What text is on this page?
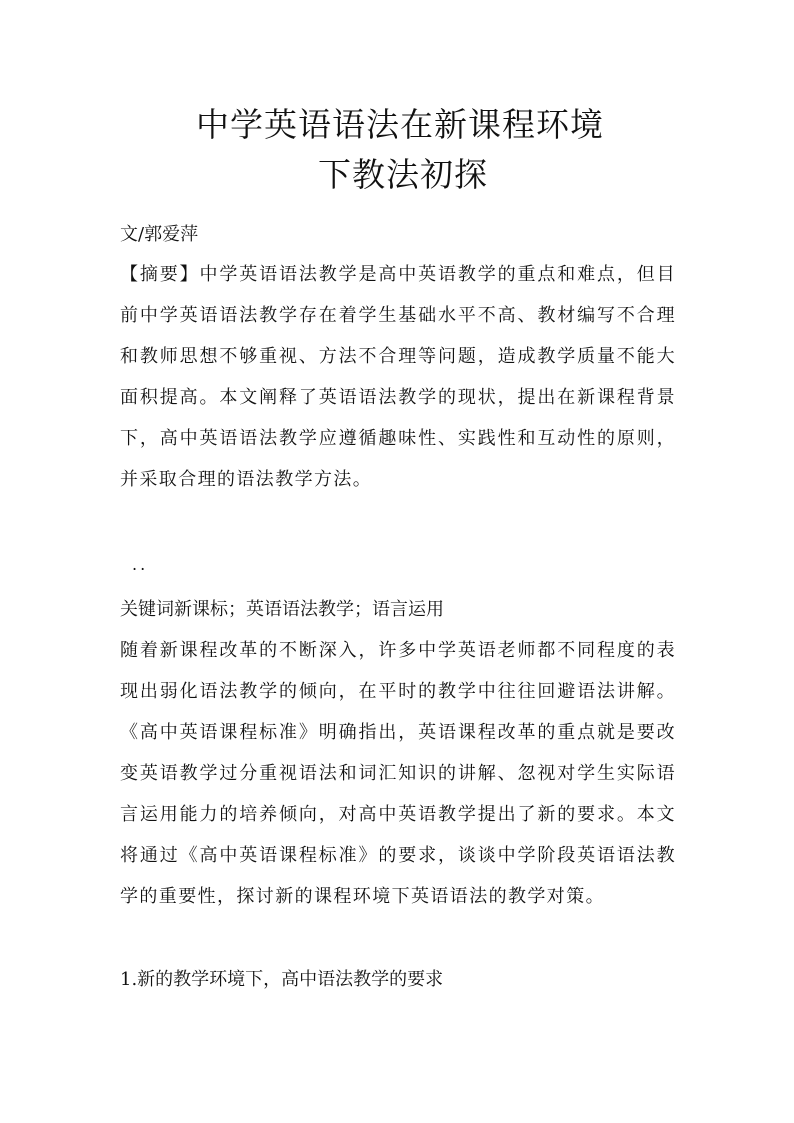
中学英语语法在新课程环境
下教法初探
文/郭爱萍
【摘要】中学英语语法教学是高中英语教学的重点和难点，但目前中学英语语法教学存在着学生基础水平不高、教材编写不合理和教师思想不够重视、方法不合理等问题，造成教学质量不能大面积提高。本文阐释了英语语法教学的现状，提出在新课程背景下，高中英语语法教学应遵循趣味性、实践性和互动性的原则，并采取合理的语法教学方法。
..
关键词新课标；英语语法教学；语言运用
随着新课程改革的不断深入，许多中学英语老师都不同程度的表现出弱化语法教学的倾向，在平时的教学中往往回避语法讲解。《高中英语课程标准》明确指出，英语课程改革的重点就是要改变英语教学过分重视语法和词汇知识的讲解、忽视对学生实际语言运用能力的培养倾向，对高中英语教学提出了新的要求。本文将通过《高中英语课程标准》的要求，谈谈中学阶段英语语法教学的重要性，探讨新的课程环境下英语语法的教学对策。
1.新的教学环境下，高中语法教学的要求
